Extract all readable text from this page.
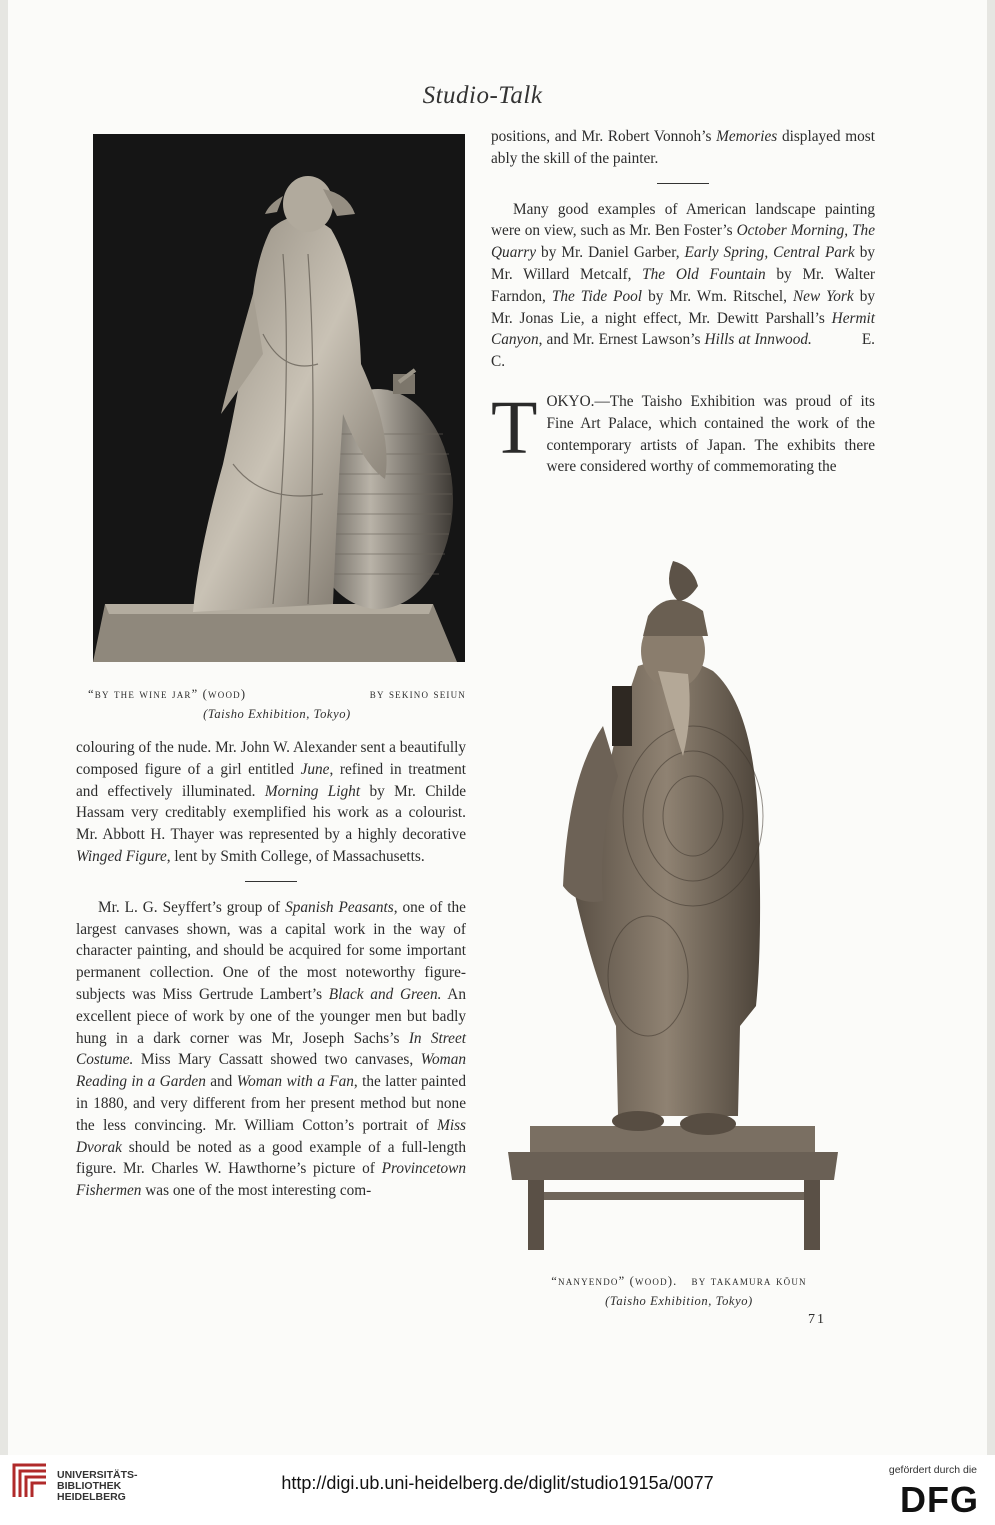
Studio-Talk
“by the wine jar” (wood)	by sekino seiun
(Taisho Exhibition, Tokyo)

colouring of the nude. Mr. John W. Alexander sent a beautifully composed figure of a girl entitled June, refined in treatment and effectively illuminated. Morning Light by Mr. Childe Hassam very creditably exemplified his work as a colourist. Mr. Abbott H. Thayer was represented by a highly decorative Winged Figure, lent by Smith College, of Massachusetts.

Mr. L. G. Seyffert’s group of Spanish Peasants, one of the largest canvases shown, was a capital work in the way of character painting, and should be acquired for some important permanent collection. One of the most noteworthy figure-subjects was Miss Gertrude Lambert’s Black and Green. An excellent piece of work by one of the younger men but badly hung in a dark corner was Mr, Joseph Sachs’s In Street Costume. Miss Mary Cassatt showed two canvases, Woman Reading in a Garden and Woman with a Fan, the latter painted in 1880, and very different from her present method but none the less convincing. Mr. William Cotton’s portrait of Miss Dvorak should be noted as a good example of a full-length figure. Mr. Charles W. Hawthorne’s picture of Provincetown Fishermen was one of the most interesting com-

positions, and Mr. Robert Vonnoh’s Memories displayed most ably the skill of the painter.

Many good examples of American landscape painting were on view, such as Mr. Ben Foster’s October Morning, The Quarry by Mr. Daniel Garber, Early Spring, Central Park by Mr. Willard Metcalf, The Old Fountain by Mr. Walter Farndon, The Tide Pool by Mr. Wm. Ritschel, New York by Mr. Jonas Lie, a night effect, Mr. Dewitt Parshall’s Hermit Canyon, and Mr. Ernest Lawson’s Hills at Innwood.	E. C.

TOKYO.—The Taisho Exhibition was proud of its Fine Art Palace, which contained the work of the contemporary artists of Japan. The exhibits there were considered worthy of commemorating the

“nanyendo” (wood). by takamura kōun
(Taisho Exhibition, Tokyo)
71
UNIVERSITÄTS-
BIBLIOTHEK
HEIDELBERG
http://digi.ub.uni-heidelberg.de/diglit/studio1915a/0077
gefördert durch die
DFG
